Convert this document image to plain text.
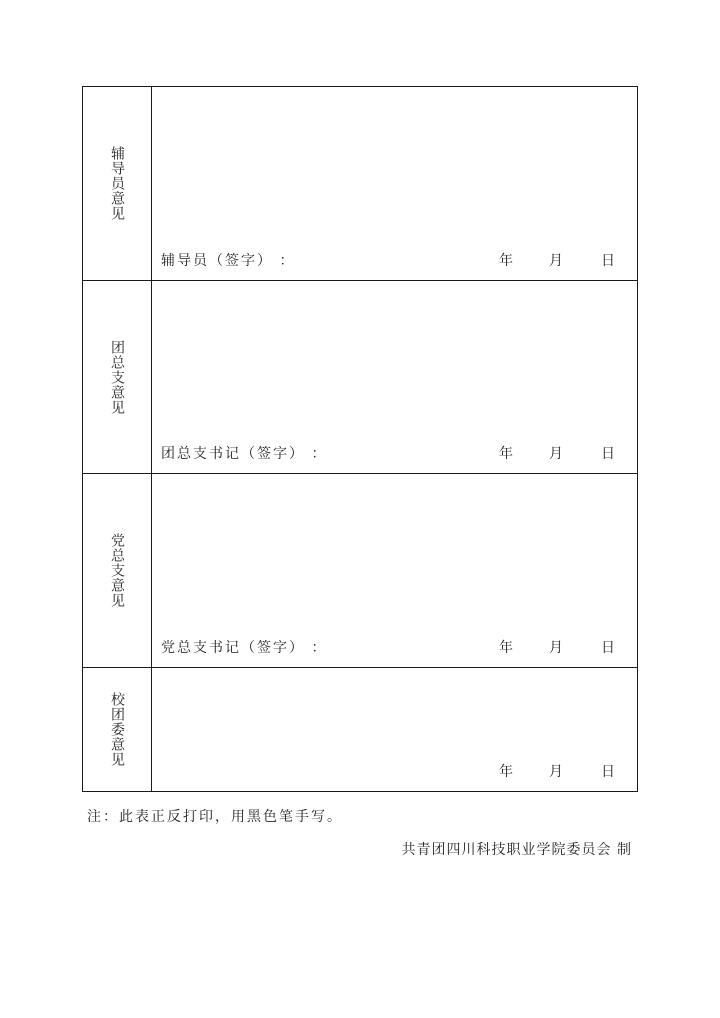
辅导员意见
辅导员（签字） ：	年	月	日
团总支意见
团总支书记（签字） ：	年	月	日
党总支意见
党总支书记（签字） ：	年	月	日
校团委意见
年	月	日
注：此表正反打印，用黑色笔手写。
共青团四川科技职业学院委员会 制
